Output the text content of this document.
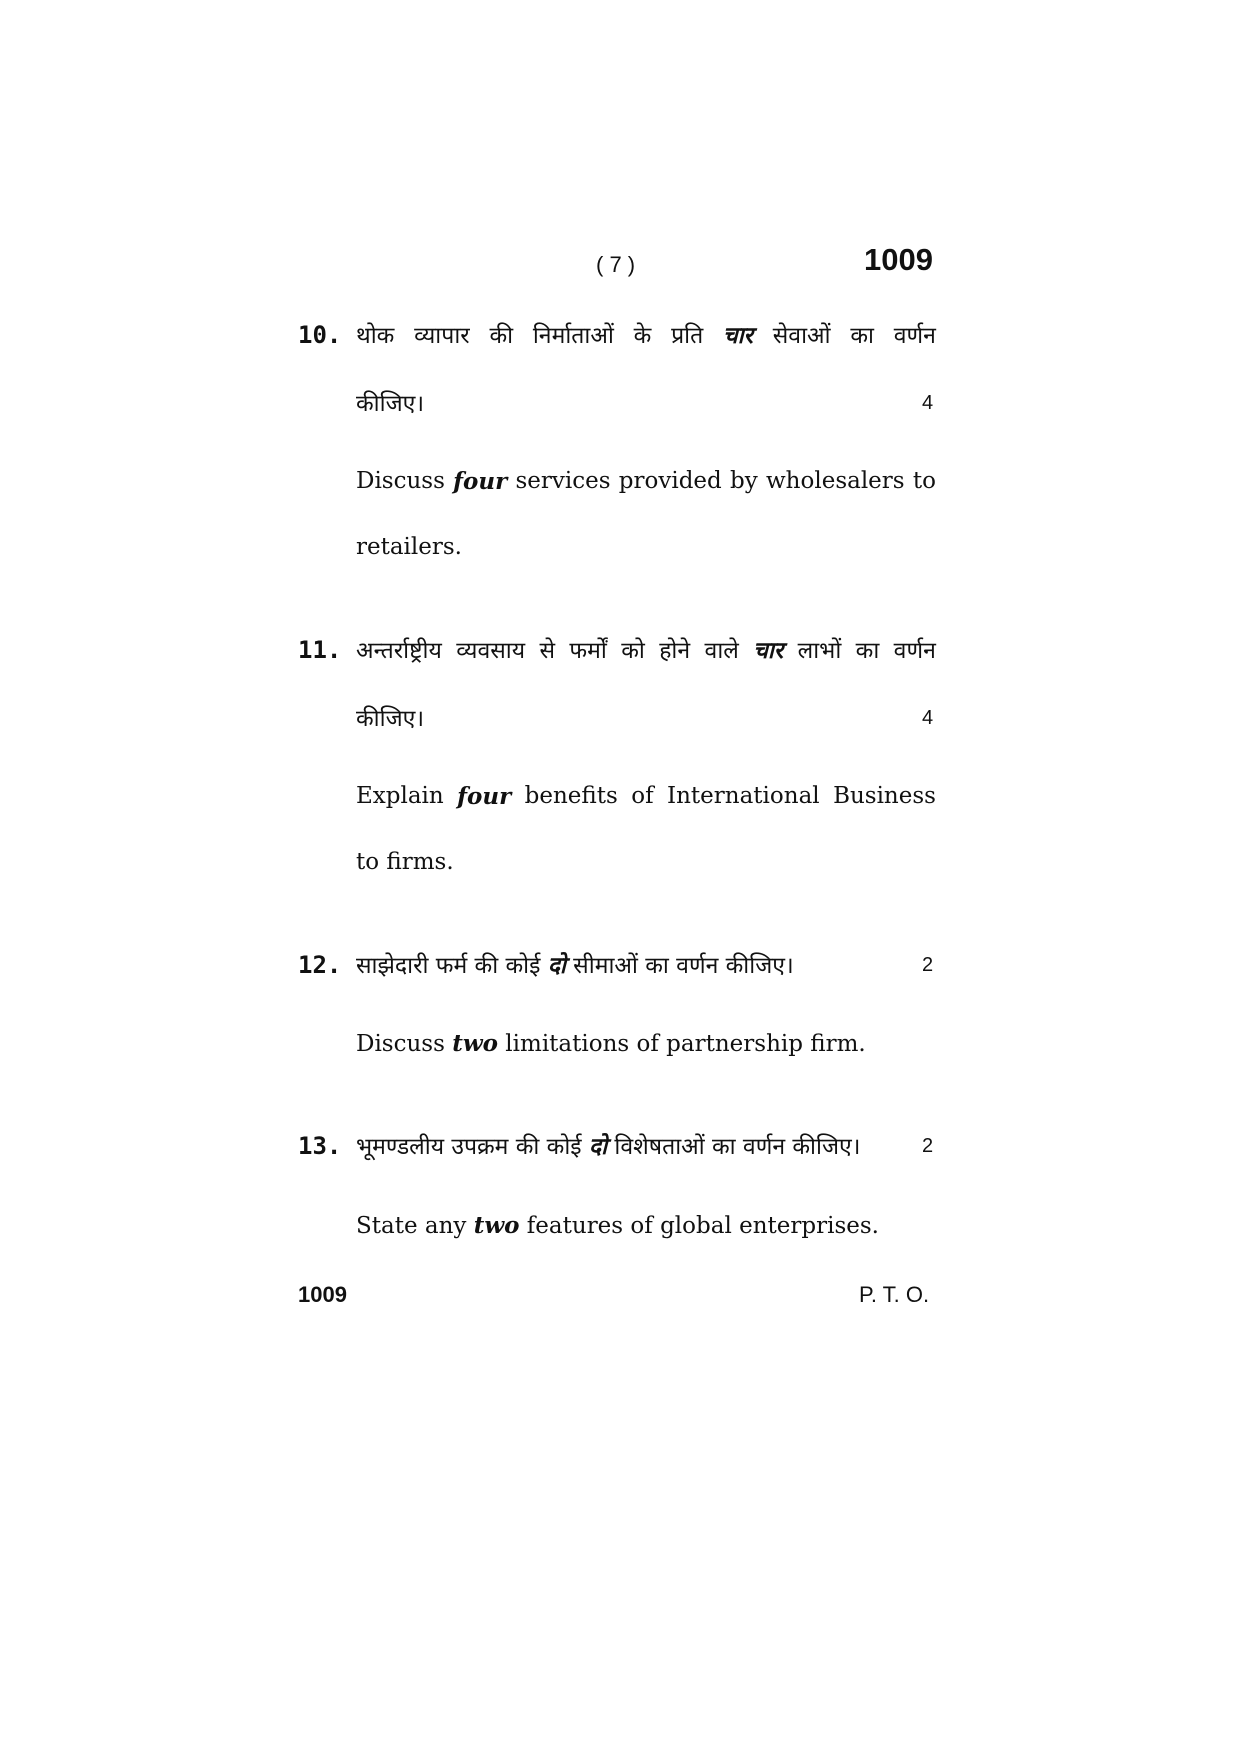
( 7 )	1009
10. थोक व्यापार की निर्माताओं के प्रति चार सेवाओं का वर्णन
कीजिए।	4
Discuss four services provided by wholesalers to
retailers.
11. अन्तर्राष्ट्रीय व्यवसाय से फर्मों को होने वाले चार लाभों का वर्णन
कीजिए।	4
Explain four benefits of International Business
to firms.
12. साझेदारी फर्म की कोई दो सीमाओं का वर्णन कीजिए।	2
Discuss two limitations of partnership firm.
13. भूमण्डलीय उपक्रम की कोई दो विशेषताओं का वर्णन कीजिए।	2
State any two features of global enterprises.
1009	P. T. O.
